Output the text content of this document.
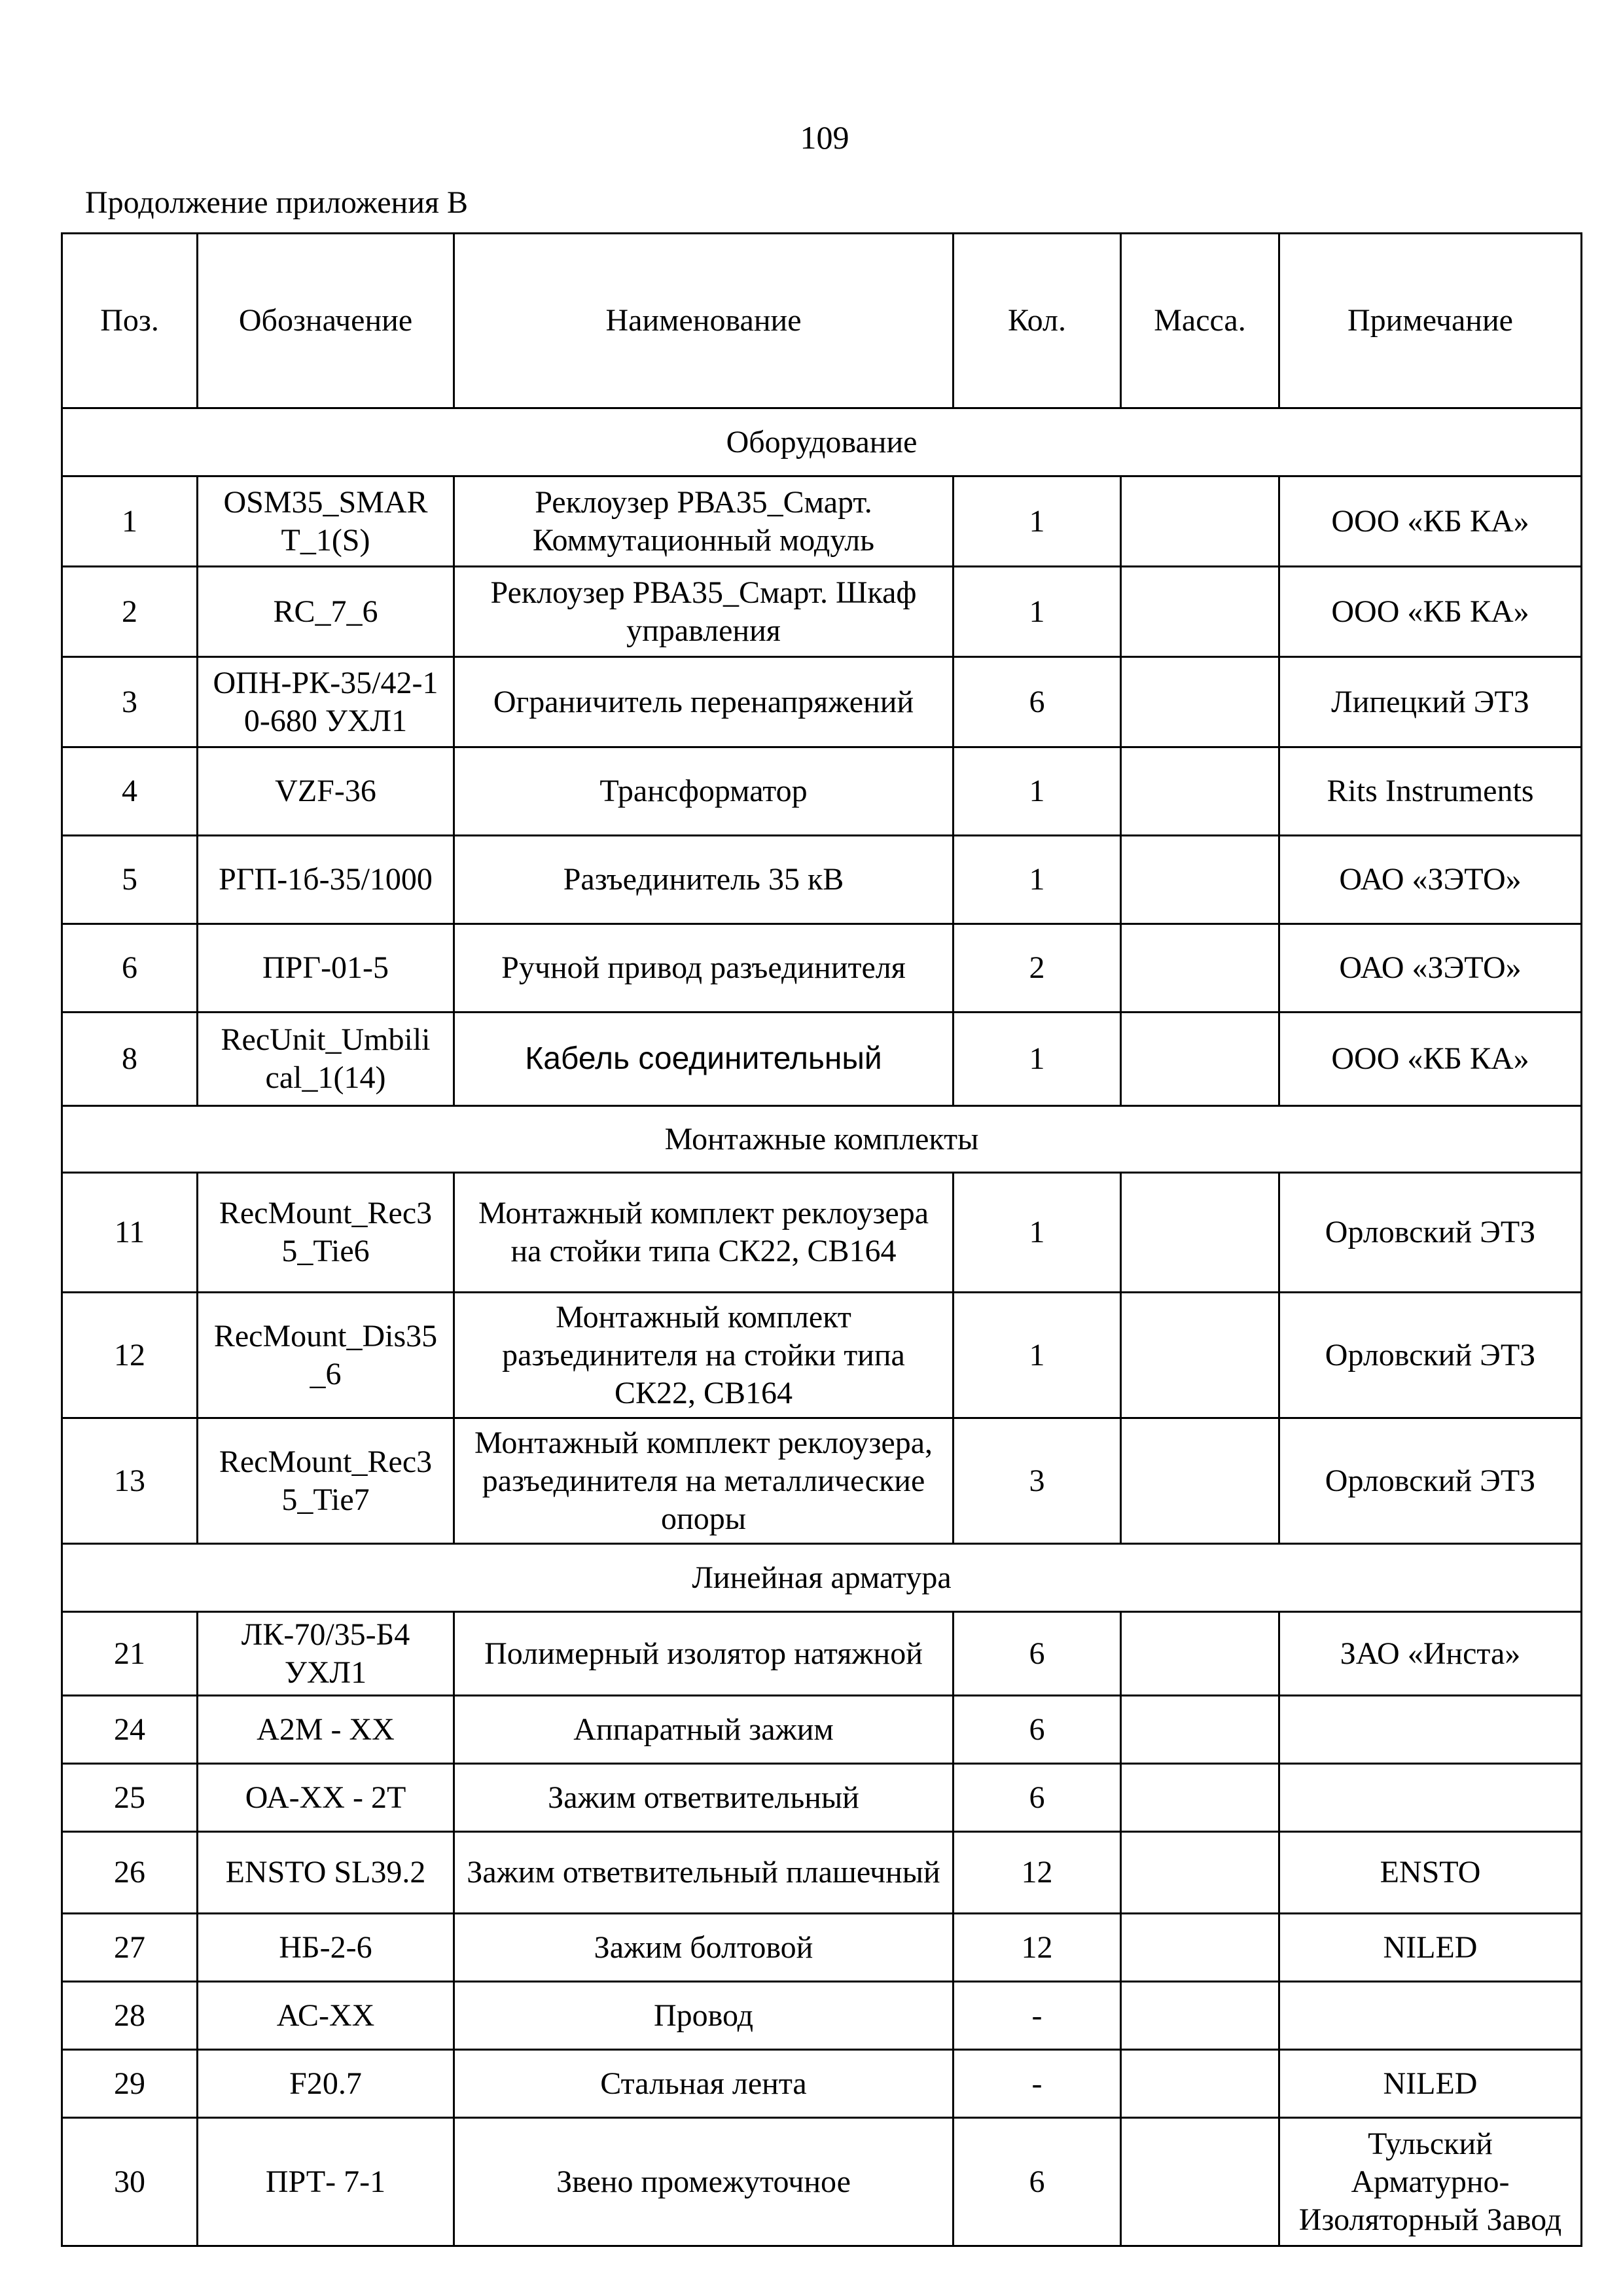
109
Продолжение приложения В
Поз.	Обозначение	Наименование	Кол.	Масса.	Примечание
Оборудование					
1	OSM35_SMAR T_1(S)	Реклоузер РВА35_Смарт. Коммутационный модуль	1		ООО «КБ КА»
2	RC_7_6	Реклоузер РВА35_Смарт. Шкаф управления	1		ООО «КБ КА»
3	ОПН-РК-35/42-1 0-680 УХЛ1	Ограничитель перенапряжений	6		Липецкий ЭТЗ
4	VZF-36	Трансформатор	1		Rits Instruments
5	РГП-1б-35/1000	Разъединитель 35 кВ	1		ОАО «ЗЭТО»
6	ПРГ-01-5	Ручной привод разъединителя	2		ОАО «ЗЭТО»
8	RecUnit_Umbili cal_1(14)	Кабель соединительный	1		ООО «КБ КА»
Монтажные комплекты					
11	RecMount_Rec3 5_Tie6	Монтажный комплект реклоузера на стойки типа СК22, СВ164	1		Орловский ЭТЗ
12	RecMount_Dis35 _6	Монтажный комплект разъединителя на стойки типа СК22, СВ164	1		Орловский ЭТЗ
13	RecMount_Rec3 5_Tie7	Монтажный комплект реклоузера, разъединителя на металлические опоры	3		Орловский ЭТЗ
Линейная арматура					
21	ЛК-70/35-Б4 УХЛ1	Полимерный изолятор натяжной	6		ЗАО «Инста»
24	А2М - ХХ	Аппаратный зажим	6		
25	ОА-ХХ - 2Т	Зажим ответвительный	6		
26	ENSTO SL39.2	Зажим ответвительный плашечный	12		ENSTO
27	НБ-2-6	Зажим болтовой	12		NILED
28	АС-ХХ	Провод	-		
29	F20.7	Стальная лента	-		NILED
30	ПРТ- 7-1	Звено промежуточное	6		Тульский Арматурно-Изоляторный Завод
